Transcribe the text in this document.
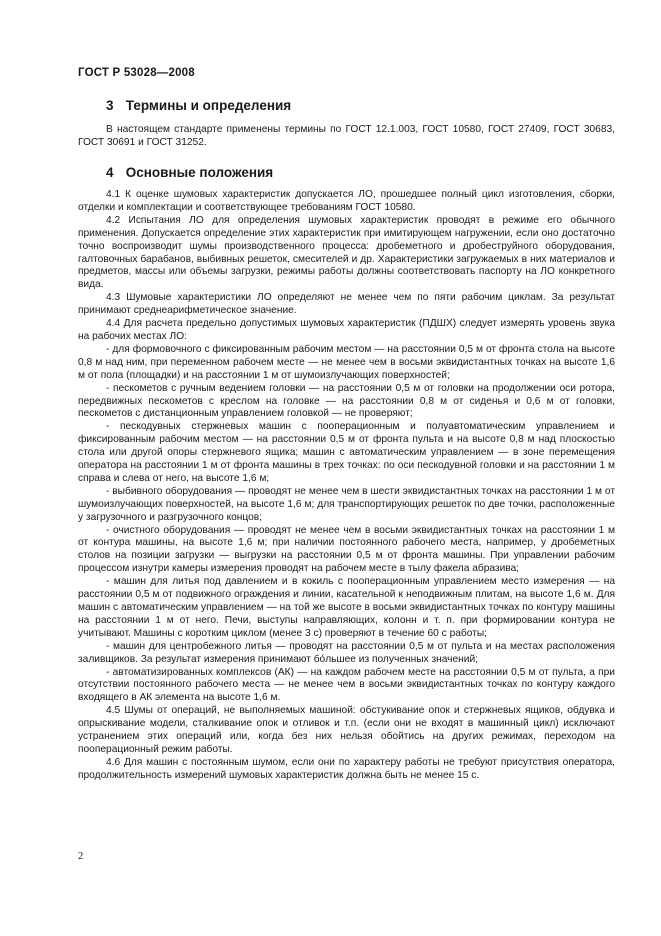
ГОСТ Р 53028—2008
3 Термины и определения

В настоящем стандарте применены термины по ГОСТ 12.1.003, ГОСТ 10580, ГОСТ 27409, ГОСТ 30683, ГОСТ 30691 и ГОСТ 31252.

4 Основные положения

4.1 К оценке шумовых характеристик допускается ЛО, прошедшее полный цикл изготовления, сборки, отделки и комплектации и соответствующее требованиям ГОСТ 10580.

4.2 Испытания ЛО для определения шумовых характеристик проводят в режиме его обычного применения. Допускается определение этих характеристик при имитирующем нагружении, если оно достаточно точно воспроизводит шумы производственного процесса: дробеметного и дробеструйного оборудования, галтовочных барабанов, выбивных решеток, смесителей и др. Характеристики загружаемых в них материалов и предметов, массы или объемы загрузки, режимы работы должны соответствовать паспорту на ЛО конкретного вида.

4.3 Шумовые характеристики ЛО определяют не менее чем по пяти рабочим циклам. За результат принимают среднеарифметическое значение.

4.4 Для расчета предельно допустимых шумовых характеристик (ПДШХ) следует измерять уровень звука на рабочих местах ЛО:

- для формовочного с фиксированным рабочим местом — на расстоянии 0,5 м от фронта стола на высоте 0,8 м над ним, при переменном рабочем месте — не менее чем в восьми эквидистантных точках на высоте 1,6 м от пола (площадки) и на расстоянии 1 м от шумоизлучающих поверхностей;

- пескометов с ручным ведением головки — на расстоянии 0,5 м от головки на продолжении оси ротора, передвижных пескометов с креслом на головке — на расстоянии 0,8 м от сиденья и 0,6 м от головки, пескометов с дистанционным управлением головкой — не проверяют;

- пескодувных стержневых машин с пооперационным и полуавтоматическим управлением и фиксированным рабочим местом — на расстоянии 0,5 м от фронта пульта и на высоте 0,8 м над плоскостью стола или другой опоры стержневого ящика; машин с автоматическим управлением — в зоне перемещения оператора на расстоянии 1 м от фронта машины в трех точках: по оси пескодувной головки и на расстоянии 1 м справа и слева от него, на высоте 1,6 м;

- выбивного оборудования — проводят не менее чем в шести эквидистантных точках на расстоянии 1 м от шумоизлучающих поверхностей, на высоте 1,6 м; для транспортирующих решеток по две точки, расположенные у загрузочного и разгрузочного концов;

- очистного оборудования — проводят не менее чем в восьми эквидистантных точках на расстоянии 1 м от контура машины, на высоте 1,6 м; при наличии постоянного рабочего места, например, у дробеметных столов на позиции загрузки — выгрузки на расстоянии 0,5 м от фронта машины. При управлении рабочим процессом изнутри камеры измерения проводят на рабочем месте в тылу факела абразива;

- машин для литья под давлением и в кокиль с пооперационным управлением место измерения — на расстоянии 0,5 м от подвижного ограждения и линии, касательной к неподвижным плитам, на высоте 1,6 м. Для машин с автоматическим управлением — на той же высоте в восьми эквидистантных точках по контуру машины на расстоянии 1 м от него. Печи, выступы направляющих, колонн и т. п. при формировании контура не учитывают. Машины с коротким циклом (менее 3 с) проверяют в течение 60 с работы;

- машин для центробежного литья — проводят на расстоянии 0,5 м от пульта и на местах расположения заливщиков. За результат измерения принимают бо́льшее из полученных значений;

- автоматизированных комплексов (АК) — на каждом рабочем месте на расстоянии 0,5 м от пульта, а при отсутствии постоянного рабочего места — не менее чем в восьми эквидистантных точках по контуру каждого входящего в АК элемента на высоте 1,6 м.

4.5 Шумы от операций, не выполняемых машиной: обстукивание опок и стержневых ящиков, обдувка и опрыскивание модели, сталкивание опок и отливок и т.п. (если они не входят в машинный цикл) исключают устранением этих операций или, когда без них нельзя обойтись на других режимах, переходом на пооперационный режим работы.

4.6 Для машин с постоянным шумом, если они по характеру работы не требуют присутствия оператора, продолжительность измерений шумовых характеристик должна быть не менее 15 с.

2
